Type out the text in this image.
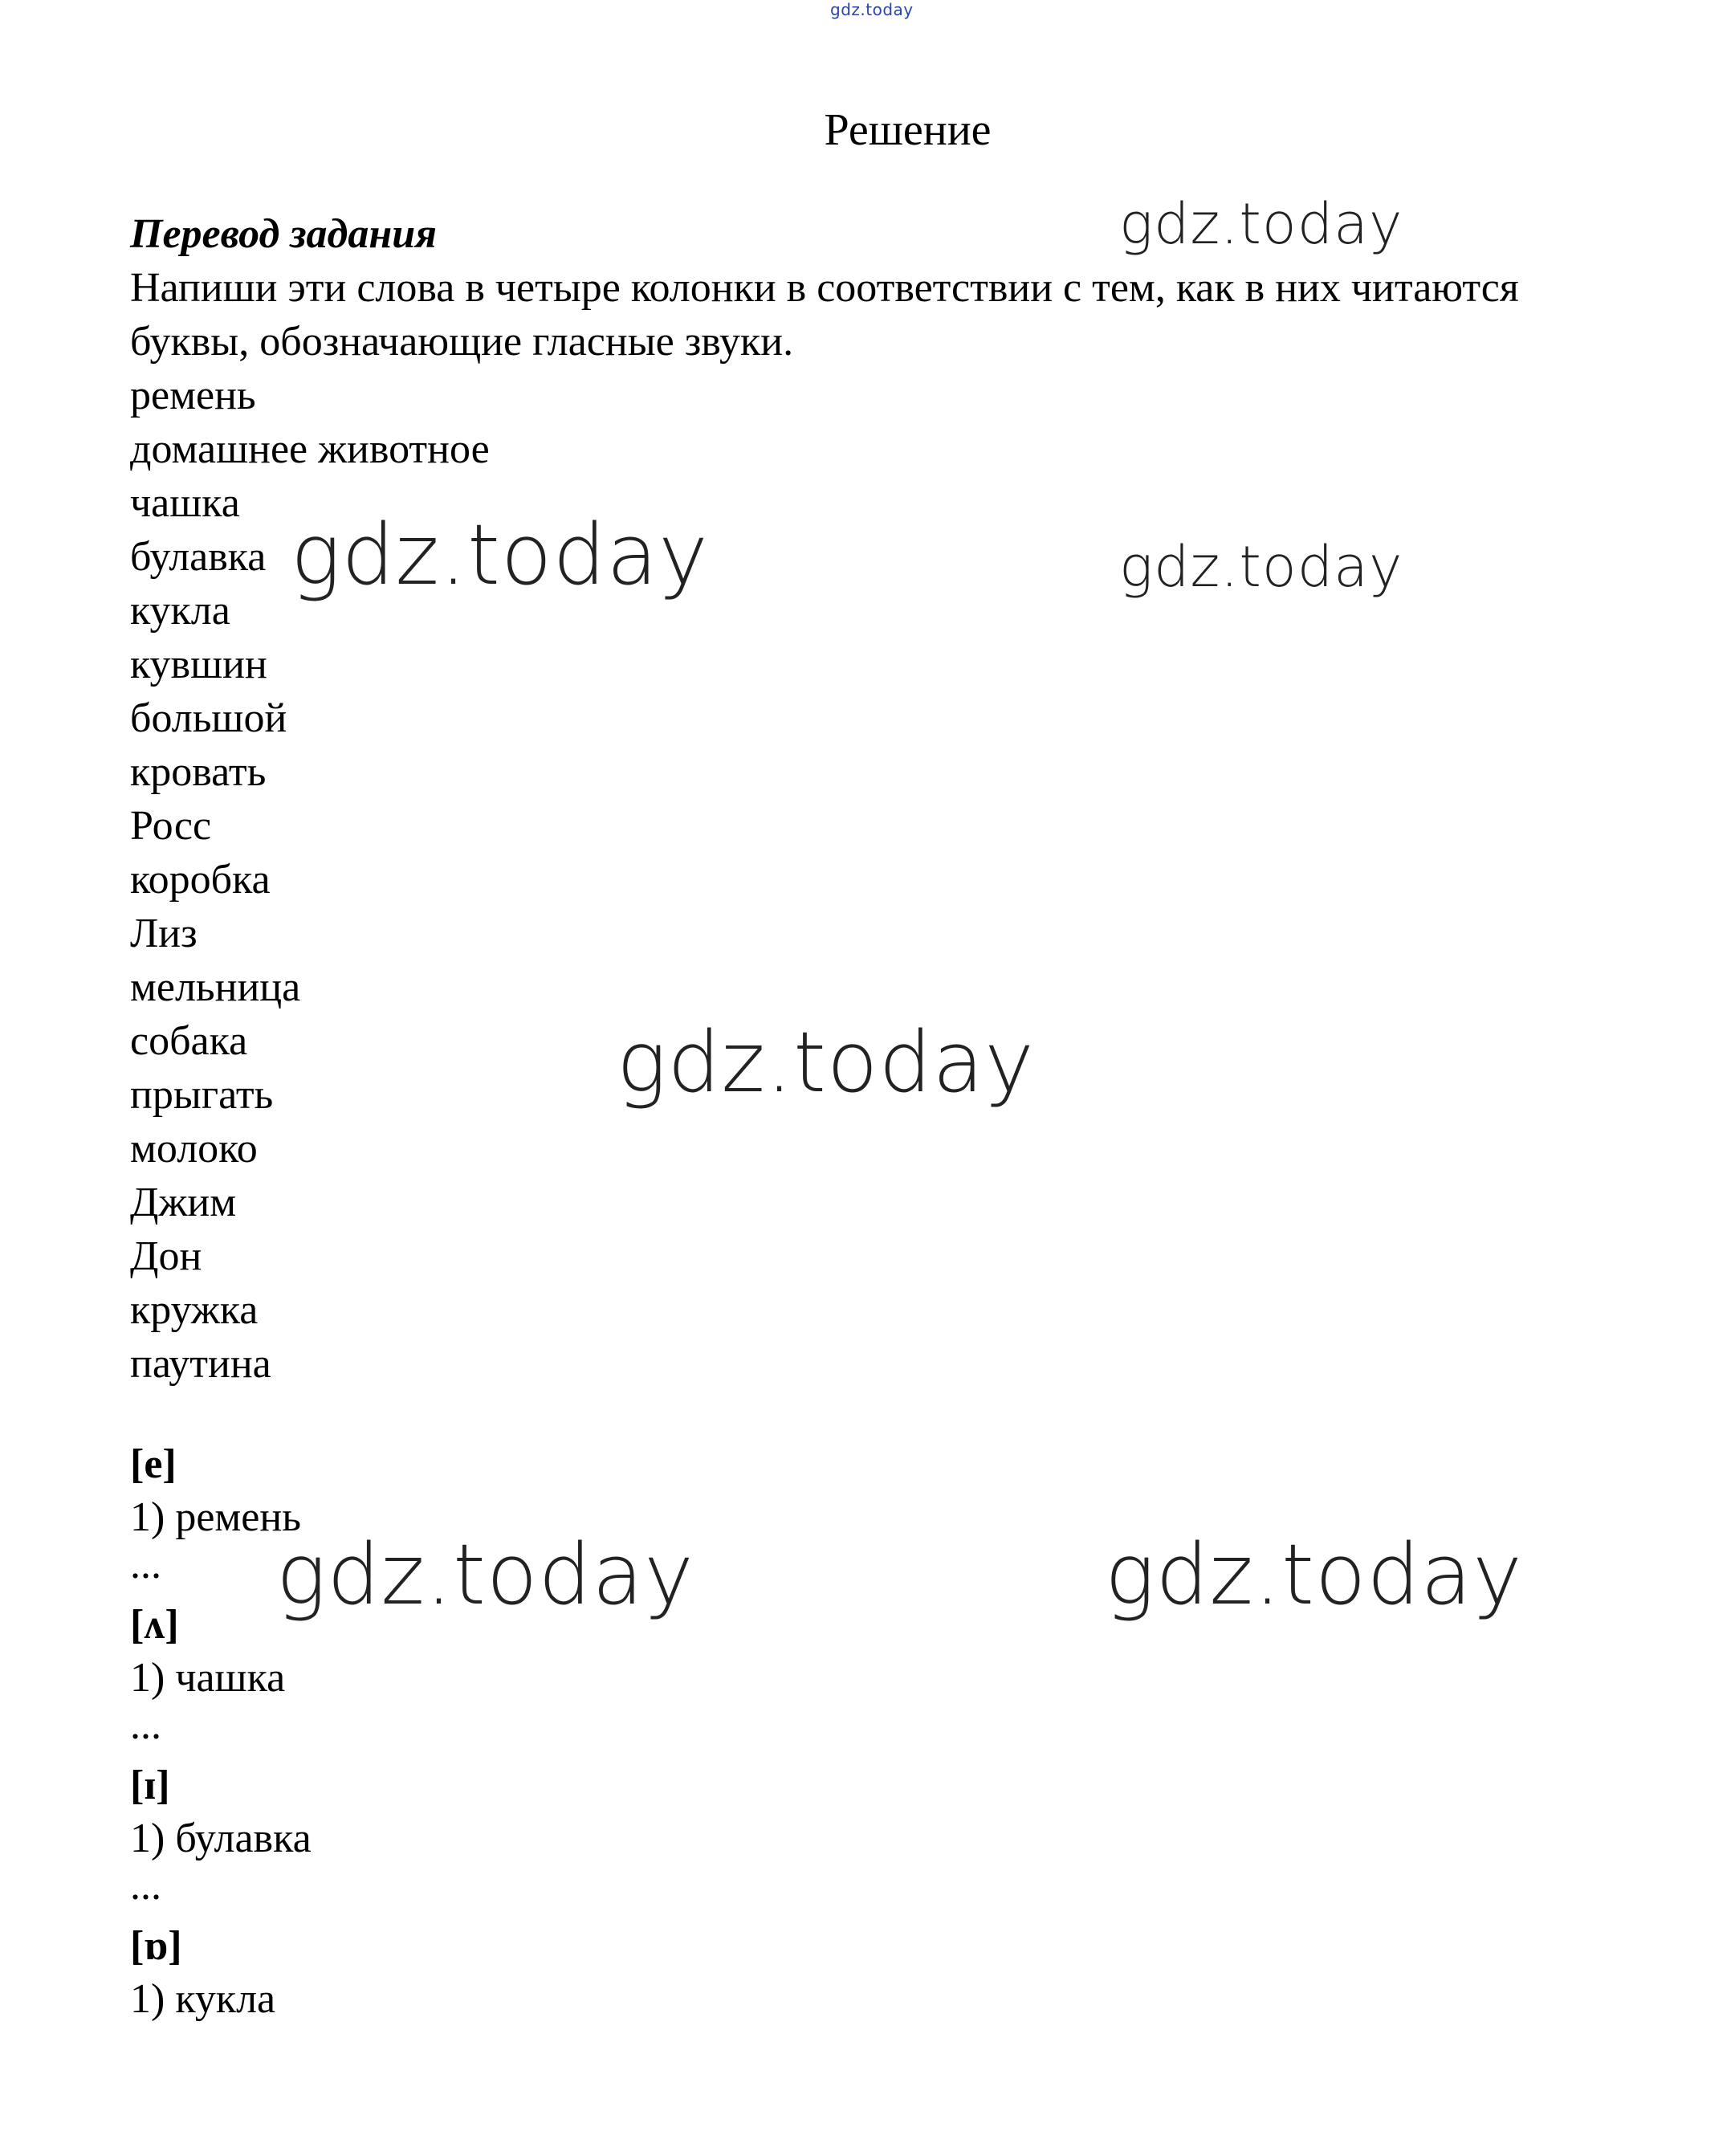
gdz.today
Решение
Перевод задания
Напиши эти слова в четыре колонки в соответствии с тем, как в них читаются буквы, обозначающие гласные звуки.
ремень
домашнее животное
чашка
булавка
кукла
кувшин
большой
кровать
Росс
коробка
Лиз
мельница
собака
прыгать
молоко
Джим
Дон
кружка
паутина
[e]
1) ремень
...
[ʌ]
1) чашка
...
[ɪ]
1) булавка
...
[ɒ]
1) кукла
gdz.today
gdz.today	gdz.today
gdz.today
gdz.today	gdz.today
